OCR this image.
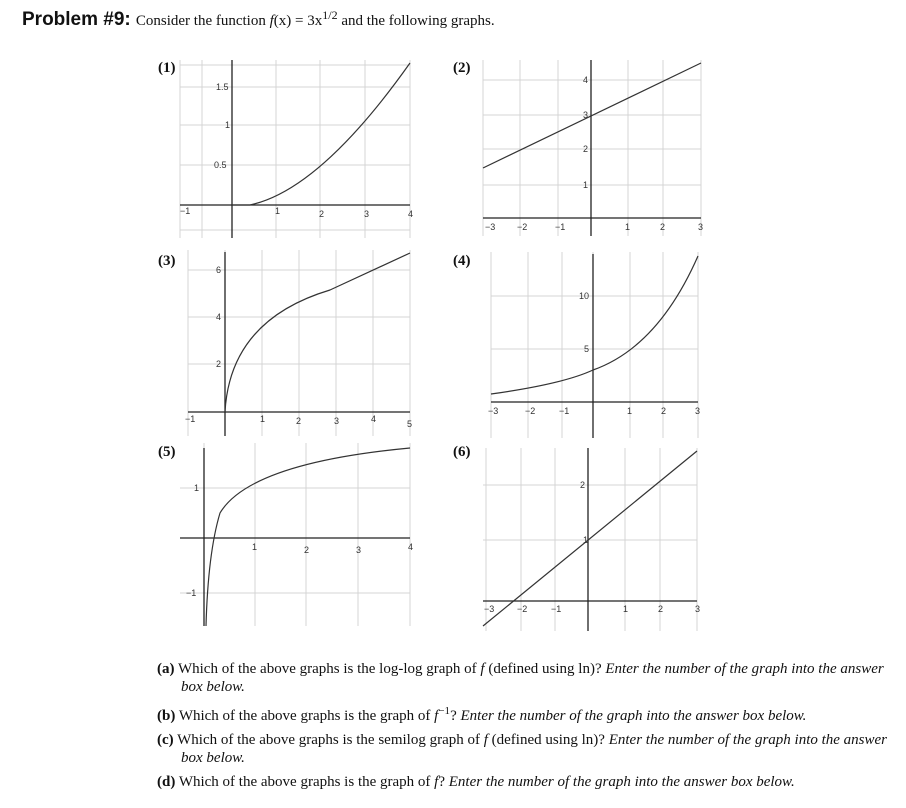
Problem #9: Consider the function $f(x) = 3x^{1/2}$ and the following graphs.
(1)	(2)
(3)	(4)
(5)	(6)
−1	1	2	3	4
0.5
1
1.5
−3 −2	−1	1	2	3
1
2
3
4
−1	1	2	3	4	5
2
4
6
−3	−2	−1	1	2	3
5
10
1	2	3	4
1
−1
−3	−2	−1	1	2	3
1
2
(a) Which of the above graphs is the log-log graph of f (defined using ln)? Enter the number of the graph into the answer box below.
(b) Which of the above graphs is the graph of $f^{-1}$? Enter the number of the graph into the answer box below.
(c) Which of the above graphs is the semilog graph of f (defined using ln)? Enter the number of the graph into the answer box below.
(d) Which of the above graphs is the graph of f? Enter the number of the graph into the answer box below.
